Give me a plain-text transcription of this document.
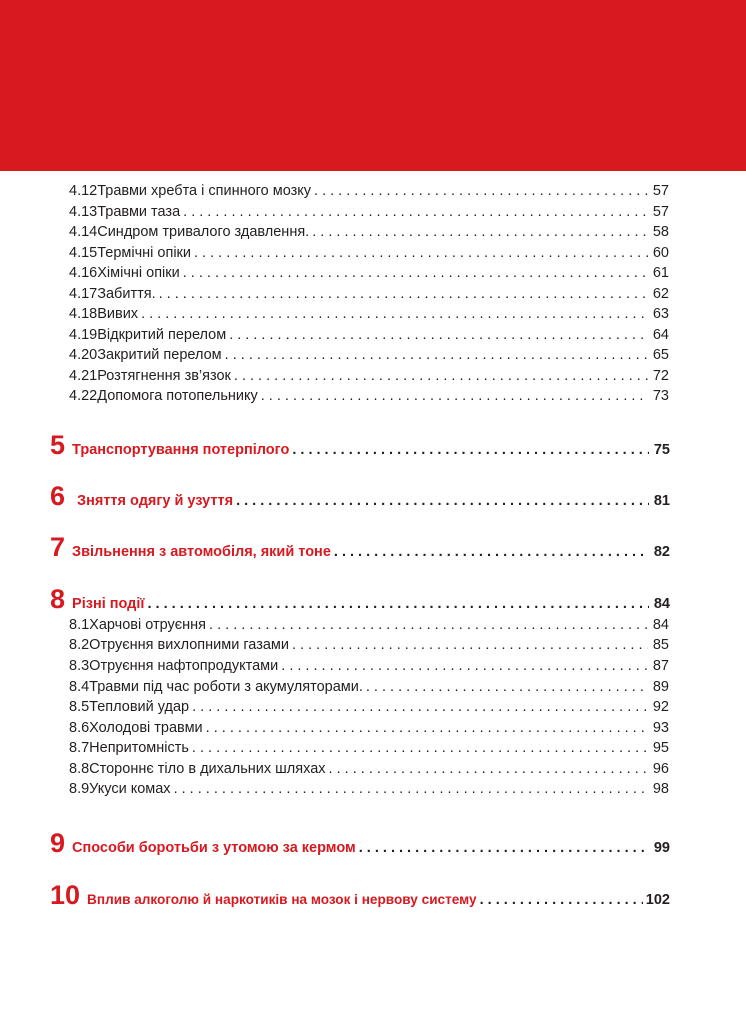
4.12 Травми хребта і спинного мозку . . .	57
4.13 Травми таза . . .	57
4.14 Синдром тривалого здавлення. . . .	58
4.15 Термічні опіки . . .	60
4.16 Хімічні опіки . . .	61
4.17 Забиття. . . .	62
4.18 Вивих . . .	63
4.19 Відкритий перелом . . .	64
4.20 Закритий перелом . . .	65
4.21 Розтягнення зв’язок . . .	72
4.22 Допомога потопельнику . . .	73
5 Транспортування потерпілого . . .	75
6 Зняття одягу й узуття . . .	81
7 Звільнення з автомобіля, який тоне . . .	82
8 Різні події . . .	84
8.1 Харчові отруєння . . .	84
8.2 Отруєння вихлопними газами . . .	85
8.3 Отруєння нафтопродуктами . . .	87
8.4 Травми під час роботи з акумуляторами. . . .	89
8.5 Тепловий удар . . .	92
8.6 Холодові травми . . .	93
8.7 Непритомність . . .	95
8.8 Стороннє тіло в дихальних шляхах . . .	96
8.9 Укуси комах . . .	98
9 Способи боротьби з утомою за кермом . . .	99
10 Вплив алкоголю й наркотиків на мозок і нервову систему . . .	102
